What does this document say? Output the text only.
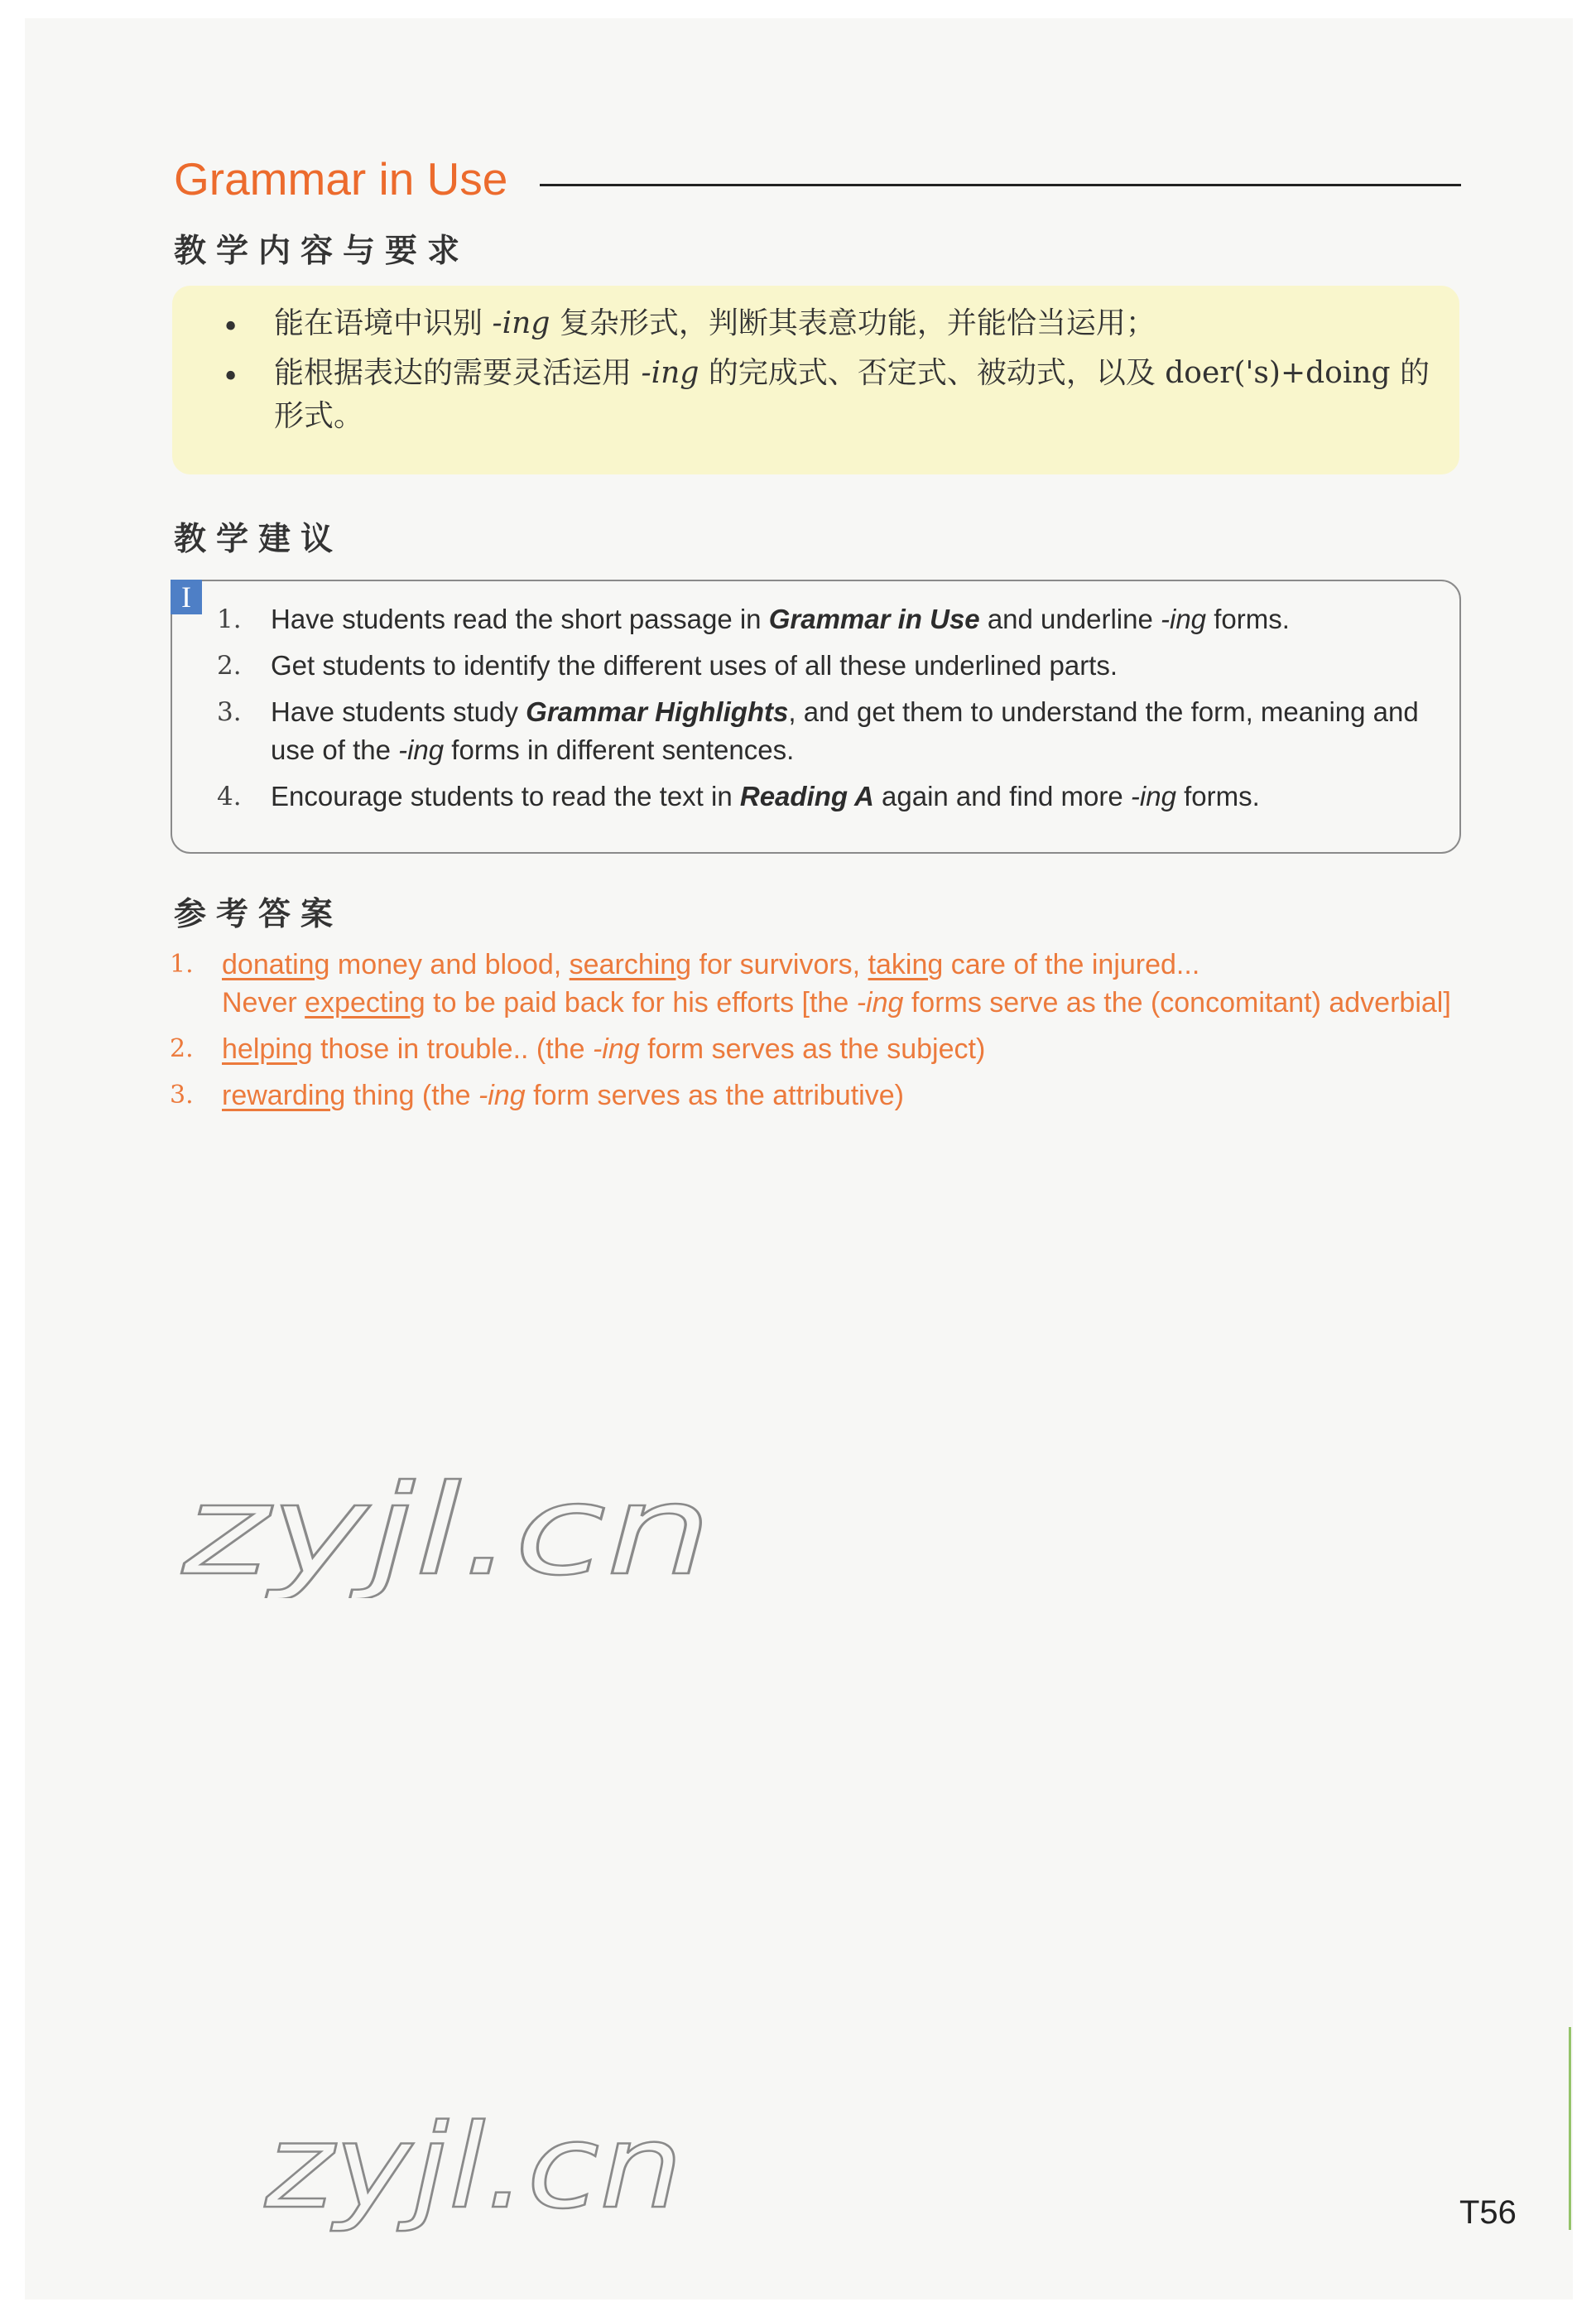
Grammar in Use
教学内容与要求
• 能在语境中识别 -ing 复杂形式，判断其表意功能，并能恰当运用；
• 能根据表达的需要灵活运用 -ing 的完成式、否定式、被动式，以及 doer('s)+doing 的形式。
教学建议
I
1. Have students read the short passage in Grammar in Use and underline -ing forms.
2. Get students to identify the different uses of all these underlined parts.
3. Have students study Grammar Highlights, and get them to understand the form, meaning and use of the -ing forms in different sentences.
4. Encourage students to read the text in Reading A again and find more -ing forms.
参考答案
1. donating money and blood, searching for survivors, taking care of the injured...
Never expecting to be paid back for his efforts [the -ing forms serve as the (concomitant) adverbial]
2. helping those in trouble.. (the -ing form serves as the subject)
3. rewarding thing (the -ing form serves as the attributive)
zyjl.cn
zyjl.cn	T56
